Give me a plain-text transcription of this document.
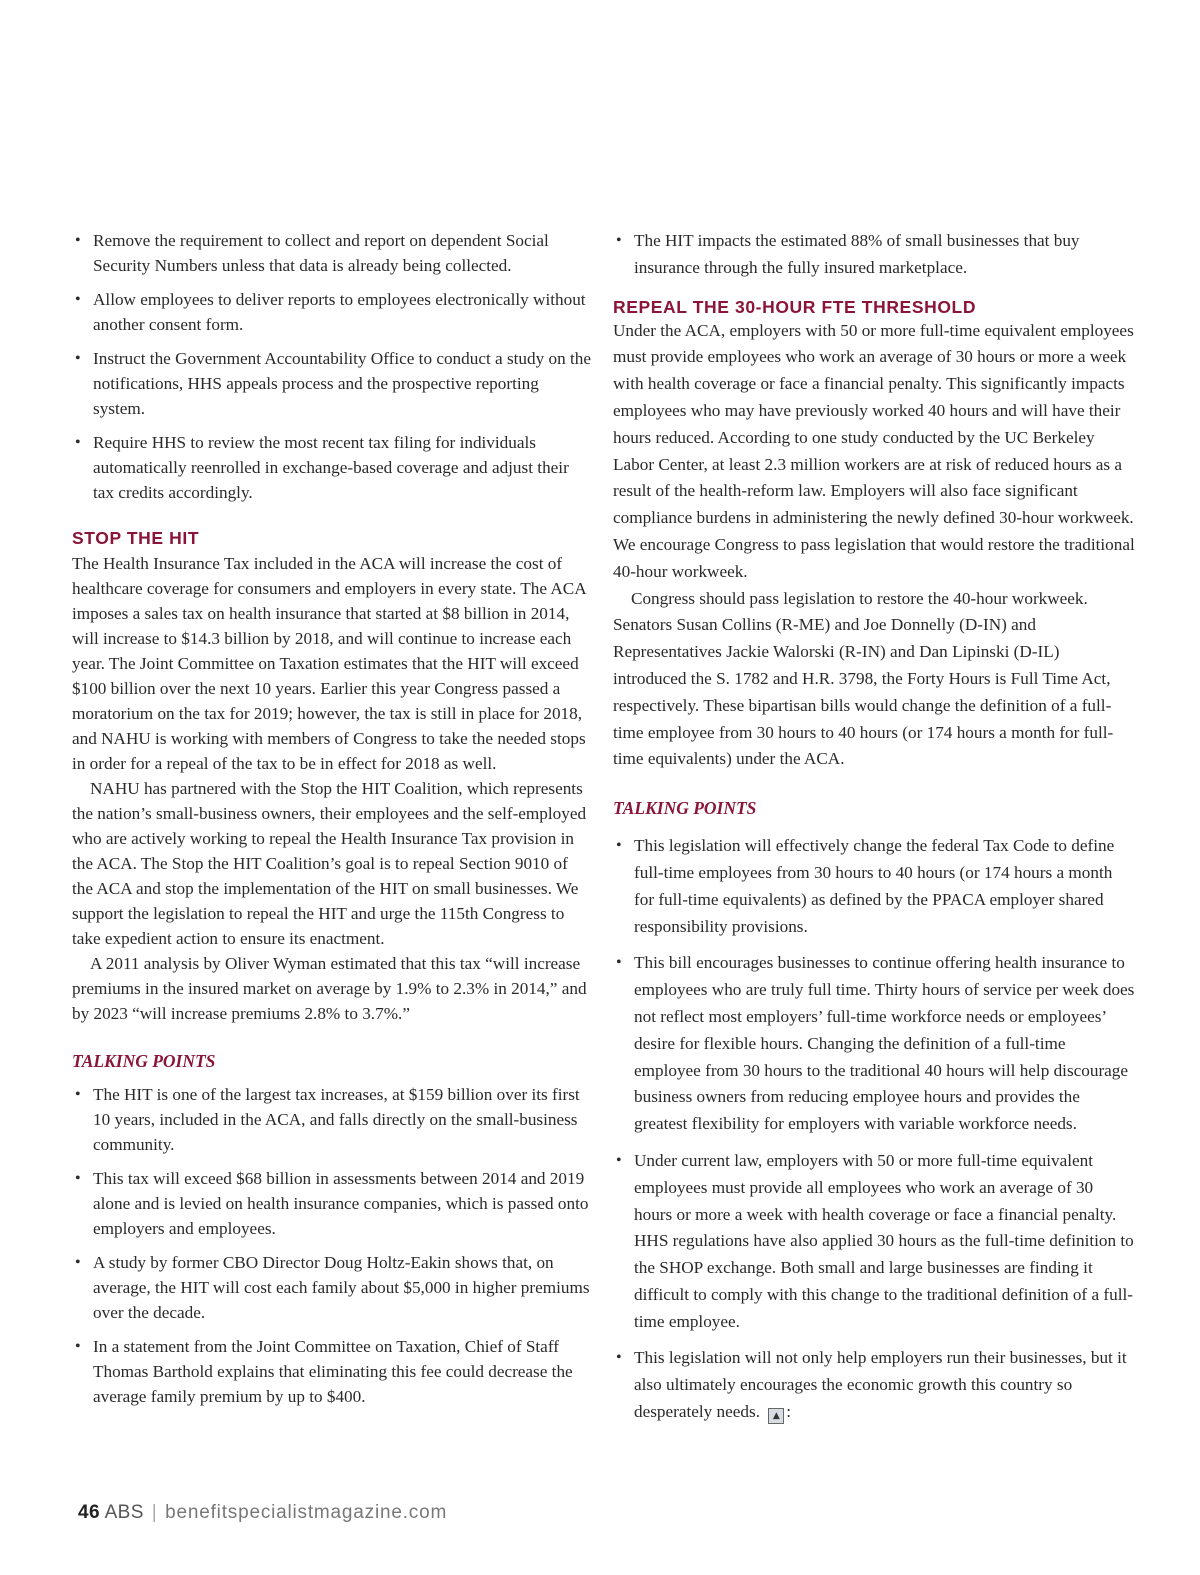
• Remove the requirement to collect and report on dependent Social Security Numbers unless that data is already being collected.
• Allow employees to deliver reports to employees electronically without another consent form.
• Instruct the Government Accountability Office to conduct a study on the notifications, HHS appeals process and the prospective reporting system.
• Require HHS to review the most recent tax filing for individuals automatically reenrolled in exchange-based coverage and adjust their tax credits accordingly.
STOP THE HIT

The Health Insurance Tax included in the ACA will increase the cost of healthcare coverage for consumers and employers in every state. The ACA imposes a sales tax on health insurance that started at $8 billion in 2014, will increase to $14.3 billion by 2018, and will continue to increase each year. The Joint Committee on Taxation estimates that the HIT will exceed $100 billion over the next 10 years. Earlier this year Congress passed a moratorium on the tax for 2019; however, the tax is still in place for 2018, and NAHU is working with members of Congress to take the needed stops in order for a repeal of the tax to be in effect for 2018 as well.

NAHU has partnered with the Stop the HIT Coalition, which represents the nation’s small-business owners, their employees and the self-employed who are actively working to repeal the Health Insurance Tax provision in the ACA. The Stop the HIT Coalition’s goal is to repeal Section 9010 of the ACA and stop the implementation of the HIT on small businesses. We support the legislation to repeal the HIT and urge the 115th Congress to take expedient action to ensure its enactment.

A 2011 analysis by Oliver Wyman estimated that this tax “will increase premiums in the insured market on average by 1.9% to 2.3% in 2014,” and by 2023 “will increase premiums 2.8% to 3.7%.”

TALKING POINTS
• The HIT is one of the largest tax increases, at $159 billion over its first 10 years, included in the ACA, and falls directly on the small-business community.
• This tax will exceed $68 billion in assessments between 2014 and 2019 alone and is levied on health insurance companies, which is passed onto employers and employees.
• A study by former CBO Director Doug Holtz-Eakin shows that, on average, the HIT will cost each family about $5,000 in higher premiums over the decade.
• In a statement from the Joint Committee on Taxation, Chief of Staff Thomas Barthold explains that eliminating this fee could decrease the average family premium by up to $400.
• The HIT impacts the estimated 88% of small businesses that buy insurance through the fully insured marketplace.
REPEAL THE 30-HOUR FTE THRESHOLD

Under the ACA, employers with 50 or more full-time equivalent employees must provide employees who work an average of 30 hours or more a week with health coverage or face a financial penalty. This significantly impacts employees who may have previously worked 40 hours and will have their hours reduced. According to one study conducted by the UC Berkeley Labor Center, at least 2.3 million workers are at risk of reduced hours as a result of the health-reform law. Employers will also face significant compliance burdens in administering the newly defined 30-hour workweek. We encourage Congress to pass legislation that would restore the traditional 40-hour workweek.

Congress should pass legislation to restore the 40-hour workweek. Senators Susan Collins (R-ME) and Joe Donnelly (D-IN) and Representatives Jackie Walorski (R-IN) and Dan Lipinski (D-IL) introduced the S. 1782 and H.R. 3798, the Forty Hours is Full Time Act, respectively. These bipartisan bills would change the definition of a full-time employee from 30 hours to 40 hours (or 174 hours a month for full-time equivalents) under the ACA.

TALKING POINTS
• This legislation will effectively change the federal Tax Code to define full-time employees from 30 hours to 40 hours (or 174 hours a month for full-time equivalents) as defined by the PPACA employer shared responsibility provisions.
• This bill encourages businesses to continue offering health insurance to employees who are truly full time. Thirty hours of service per week does not reflect most employers’ full-time workforce needs or employees’ desire for flexible hours. Changing the definition of a full-time employee from 30 hours to the traditional 40 hours will help discourage business owners from reducing employee hours and provides the greatest flexibility for employers with variable workforce needs.
• Under current law, employers with 50 or more full-time equivalent employees must provide all employees who work an average of 30 hours or more a week with health coverage or face a financial penalty. HHS regulations have also applied 30 hours as the full-time definition to the SHOP exchange. Both small and large businesses are finding it difficult to comply with this change to the traditional definition of a full-time employee.
• This legislation will not only help employers run their businesses, but it also ultimately encourages the economic growth this country so desperately needs. ▲ :
46 ABS | benefitspecialistmagazine.com
